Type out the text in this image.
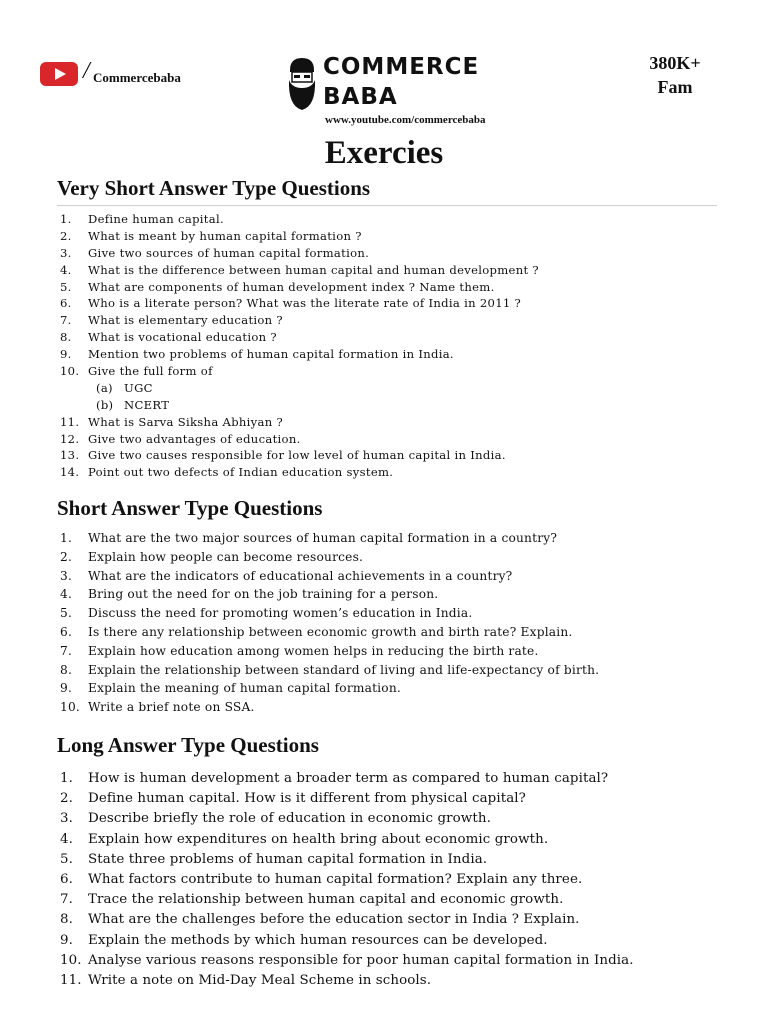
/ Commercebaba	COMMERCE
BABA
www.youtube.com/commercebaba
380K+
Fam
Exercies
Very Short Answer Type Questions
1.	Define human capital.
2.	What is meant by human capital formation ?
3.	Give two sources of human capital formation.
4.	What is the difference between human capital and human development ?
5.	What are components of human development index ? Name them.
6.	Who is a literate person? What was the literate rate of India in 2011 ?
7.	What is elementary education ?
8.	What is vocational education ?
9.	Mention two problems of human capital formation in India.
10. Give the full form of
(a) UGC
(b) NCERT
11. What is Sarva Siksha Abhiyan ?
12. Give two advantages of education.
13. Give two causes responsible for low level of human capital in India.
14. Point out two defects of Indian education system.
Short Answer Type Questions
1.	What are the two major sources of human capital formation in a country?
2.	Explain how people can become resources.
3.	What are the indicators of educational achievements in a country?
4.	Bring out the need for on the job training for a person.
5.	Discuss the need for promoting women’s education in India.
6.	Is there any relationship between economic growth and birth rate? Explain.
7.	Explain how education among women helps in reducing the birth rate.
8.	Explain the relationship between standard of living and life-expectancy of birth.
9.	Explain the meaning of human capital formation.
10. Write a brief note on SSA.
Long Answer Type Questions
1.	How is human development a broader term as compared to human capital?
2.	Define human capital. How is it different from physical capital?
3.	Describe briefly the role of education in economic growth.
4.	Explain how expenditures on health bring about economic growth.
5.	State three problems of human capital formation in India.
6.	What factors contribute to human capital formation? Explain any three.
7.	Trace the relationship between human capital and economic growth.
8.	What are the challenges before the education sector in India ? Explain.
9.	Explain the methods by which human resources can be developed.
10. Analyse various reasons responsible for poor human capital formation in India.
11. Write a note on Mid-Day Meal Scheme in schools.
